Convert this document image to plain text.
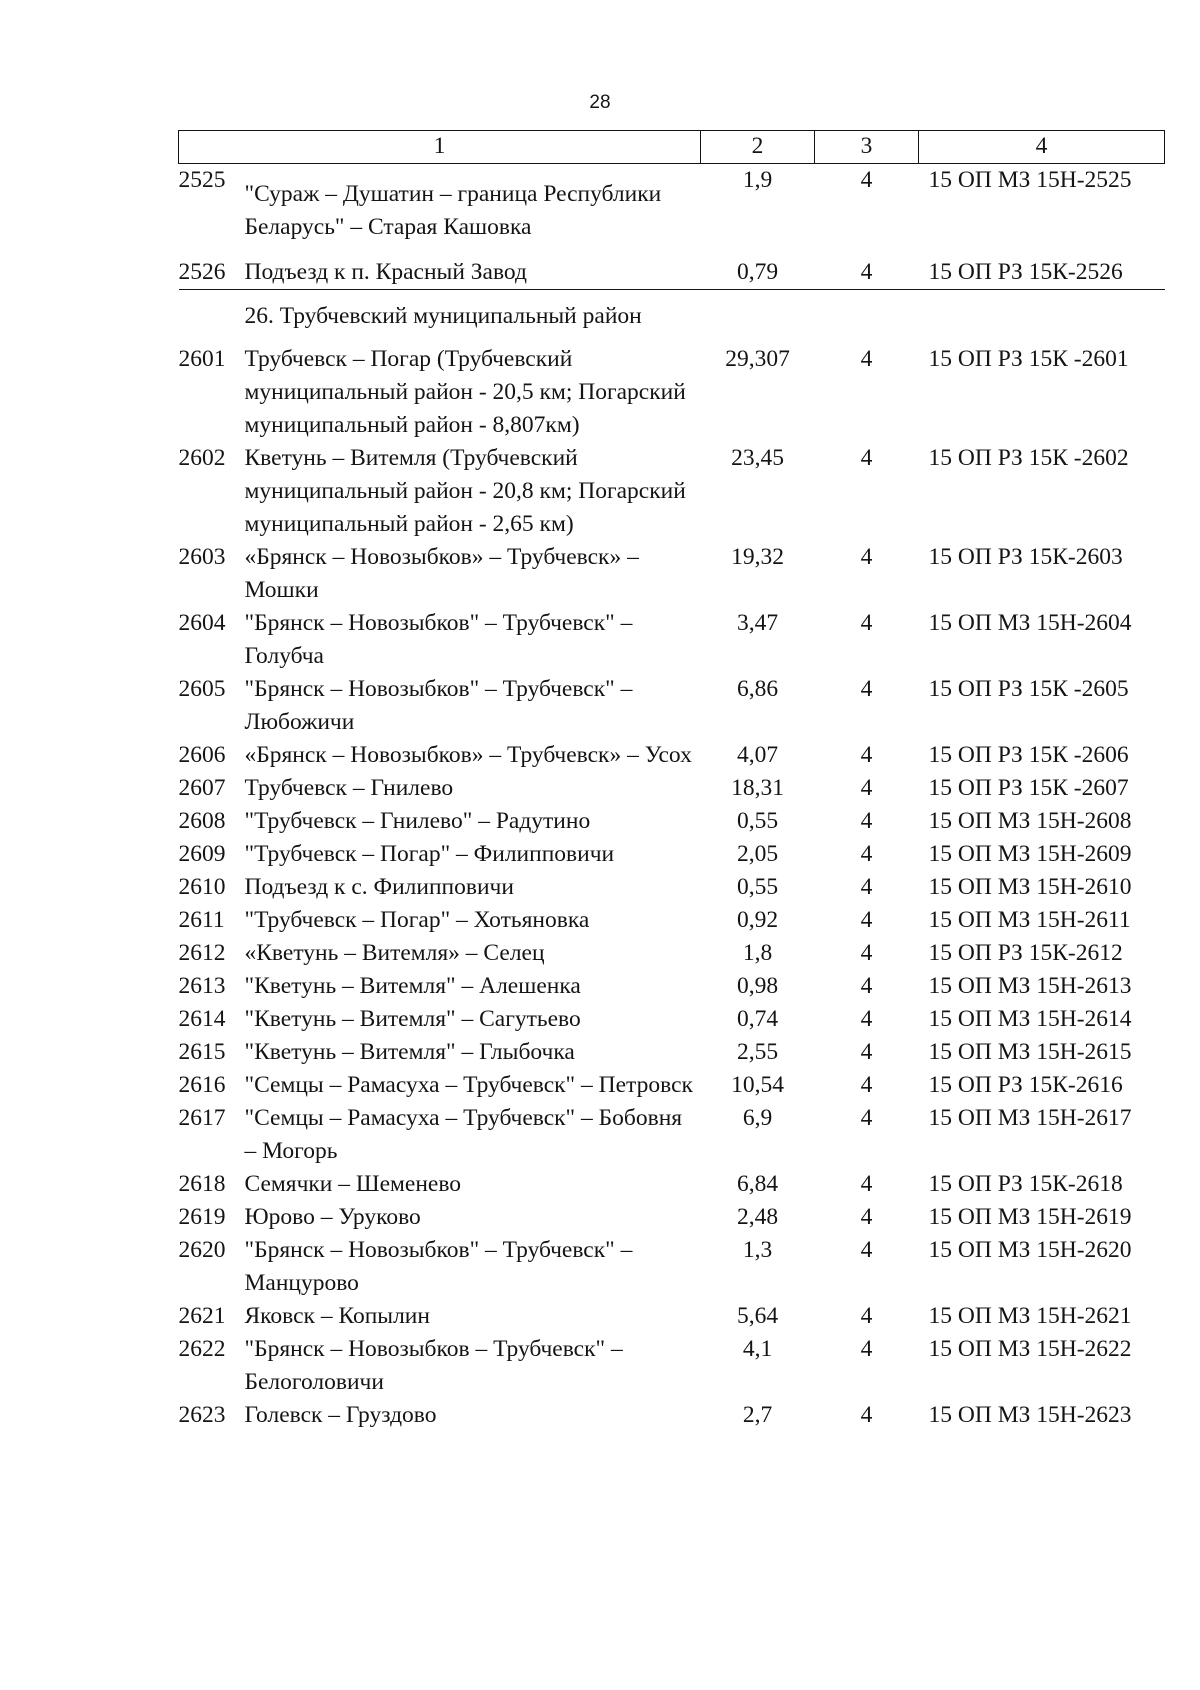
28
1		2	3	4
2525	"Сураж – Душатин – граница Республики Беларусь" – Старая Кашовка	1,9	4	15 ОП МЗ 15Н-2525
2526	Подъезд к п. Красный Завод	0,79	4	15 ОП РЗ 15К-2526
	26. Трубчевский муниципальный район			
2601	Трубчевск – Погар (Трубчевский муниципальный район - 20,5 км; Погарский муниципальный район - 8,807км)	29,307	4	15 ОП РЗ 15К -2601
2602	Кветунь – Витемля (Трубчевский муниципальный район - 20,8 км; Погарский муниципальный район - 2,65 км)	23,45	4	15 ОП РЗ 15К -2602
2603	«Брянск – Новозыбков» – Трубчевск» – Мошки	19,32	4	15 ОП РЗ 15К-2603
2604	"Брянск – Новозыбков" – Трубчевск" – Голубча	3,47	4	15 ОП МЗ 15Н-2604
2605	"Брянск – Новозыбков" – Трубчевск" – Любожичи	6,86	4	15 ОП РЗ 15К -2605
2606	«Брянск – Новозыбков» – Трубчевск» – Усох	4,07	4	15 ОП РЗ 15К -2606
2607	Трубчевск – Гнилево	18,31	4	15 ОП РЗ 15К -2607
2608	"Трубчевск – Гнилево" – Радутино	0,55	4	15 ОП МЗ 15Н-2608
2609	"Трубчевск – Погар" – Филипповичи	2,05	4	15 ОП МЗ 15Н-2609
2610	Подъезд к с. Филипповичи	0,55	4	15 ОП МЗ 15Н-2610
2611	"Трубчевск – Погар" – Хотьяновка	0,92	4	15 ОП МЗ 15Н-2611
2612	«Кветунь – Витемля» – Селец	1,8	4	15 ОП РЗ 15К-2612
2613	"Кветунь – Витемля" – Алешенка	0,98	4	15 ОП МЗ 15Н-2613
2614	"Кветунь – Витемля" – Сагутьево	0,74	4	15 ОП МЗ 15Н-2614
2615	"Кветунь – Витемля" – Глыбочка	2,55	4	15 ОП МЗ 15Н-2615
2616	"Семцы – Рамасуха – Трубчевск" – Петровск	10,54	4	15 ОП РЗ 15К-2616
2617	"Семцы – Рамасуха – Трубчевск" – Бобовня – Могорь	6,9	4	15 ОП МЗ 15Н-2617
2618	Семячки – Шеменево	6,84	4	15 ОП РЗ 15К-2618
2619	Юрово – Уруково	2,48	4	15 ОП МЗ 15Н-2619
2620	"Брянск – Новозыбков" – Трубчевск" – Манцурово	1,3	4	15 ОП МЗ 15Н-2620
2621	Яковск – Копылин	5,64	4	15 ОП МЗ 15Н-2621
2622	"Брянск – Новозыбков – Трубчевск" – Белоголовичи	4,1	4	15 ОП МЗ 15Н-2622
2623	Голевск – Груздово	2,7	4	15 ОП МЗ 15Н-2623
